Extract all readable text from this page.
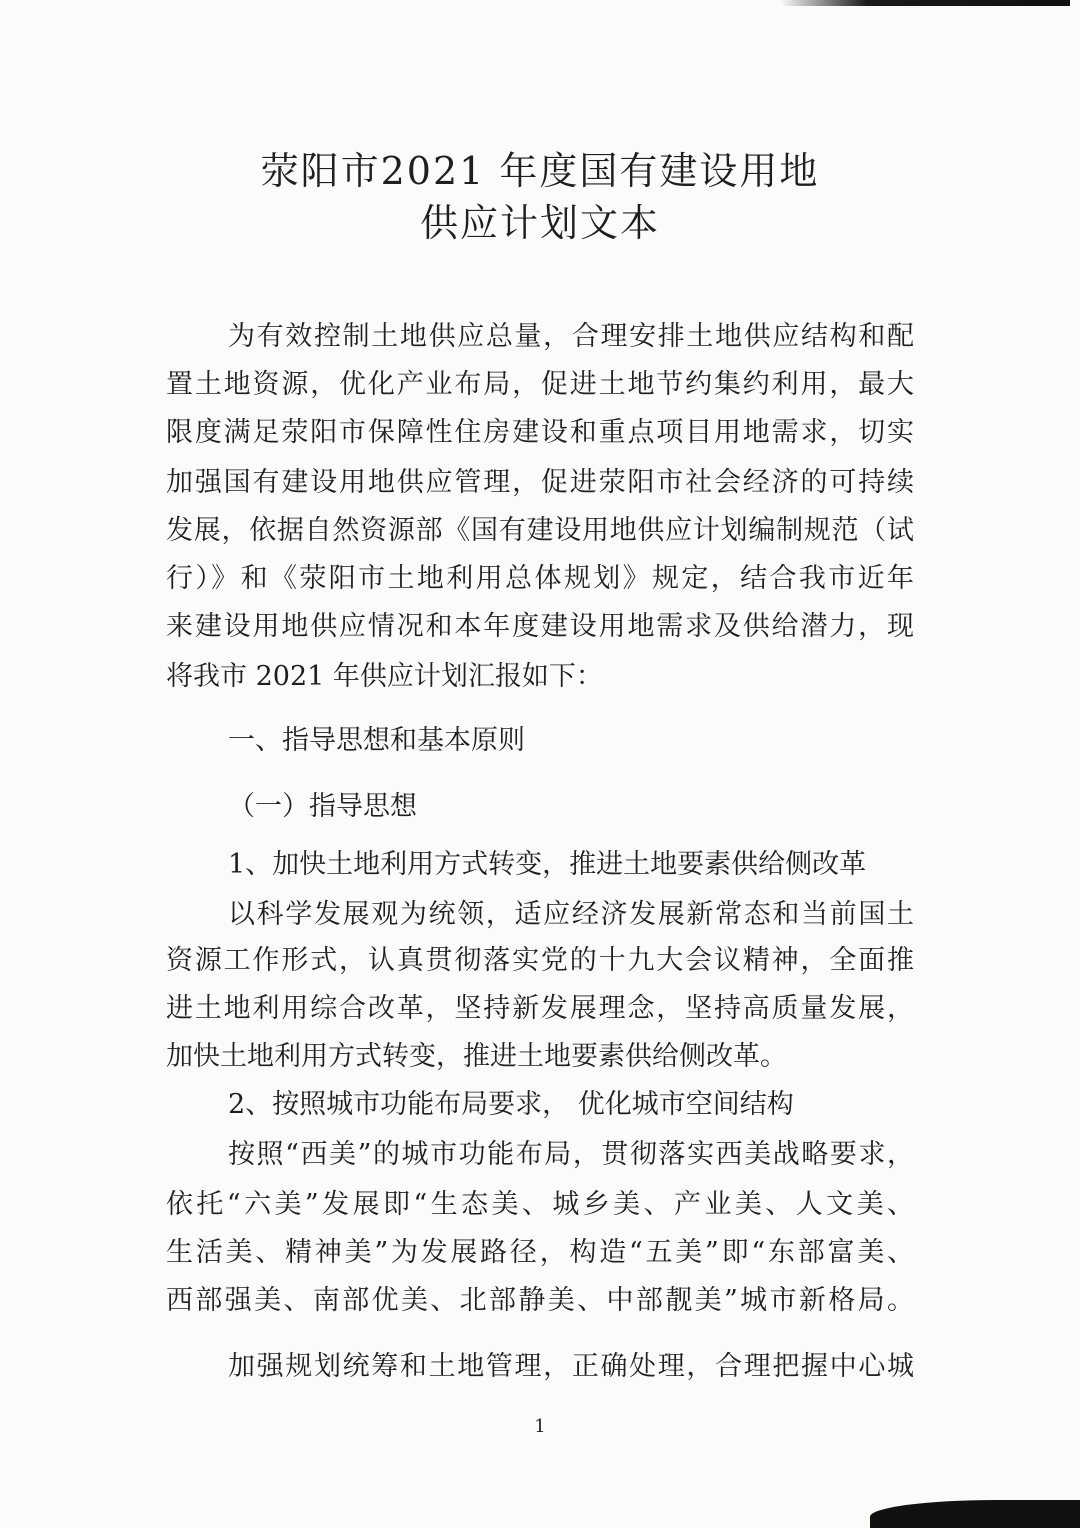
荥阳市2021 年度国有建设用地
供应计划文本

为有效控制土地供应总量，合理安排土地供应结构和配

置土地资源，优化产业布局，促进土地节约集约利用，最大

限度满足荥阳市保障性住房建设和重点项目用地需求，切实

加强国有建设用地供应管理，促进荥阳市社会经济的可持续

发展，依据自然资源部《国有建设用地供应计划编制规范（试

行）》和《荥阳市土地利用总体规划》规定，结合我市近年

来建设用地供应情况和本年度建设用地需求及供给潜力，现

将我市 2021 年供应计划汇报如下：

一、指导思想和基本原则

（一）指导思想

1、加快土地利用方式转变，推进土地要素供给侧改革

以科学发展观为统领，适应经济发展新常态和当前国土

资源工作形式，认真贯彻落实党的十九大会议精神，全面推

进土地利用综合改革，坚持新发展理念，坚持高质量发展，

加快土地利用方式转变，推进土地要素供给侧改革。

2、按照城市功能布局要求， 优化城市空间结构

按照“西美”的城市功能布局，贯彻落实西美战略要求，

依托“六美”发展即“生态美、城乡美、产业美、人文美、

生活美、精神美”为发展路径，构造“五美”即“东部富美、

西部强美、南部优美、北部静美、中部靓美”城市新格局。

加强规划统筹和土地管理，正确处理，合理把握中心城

1
